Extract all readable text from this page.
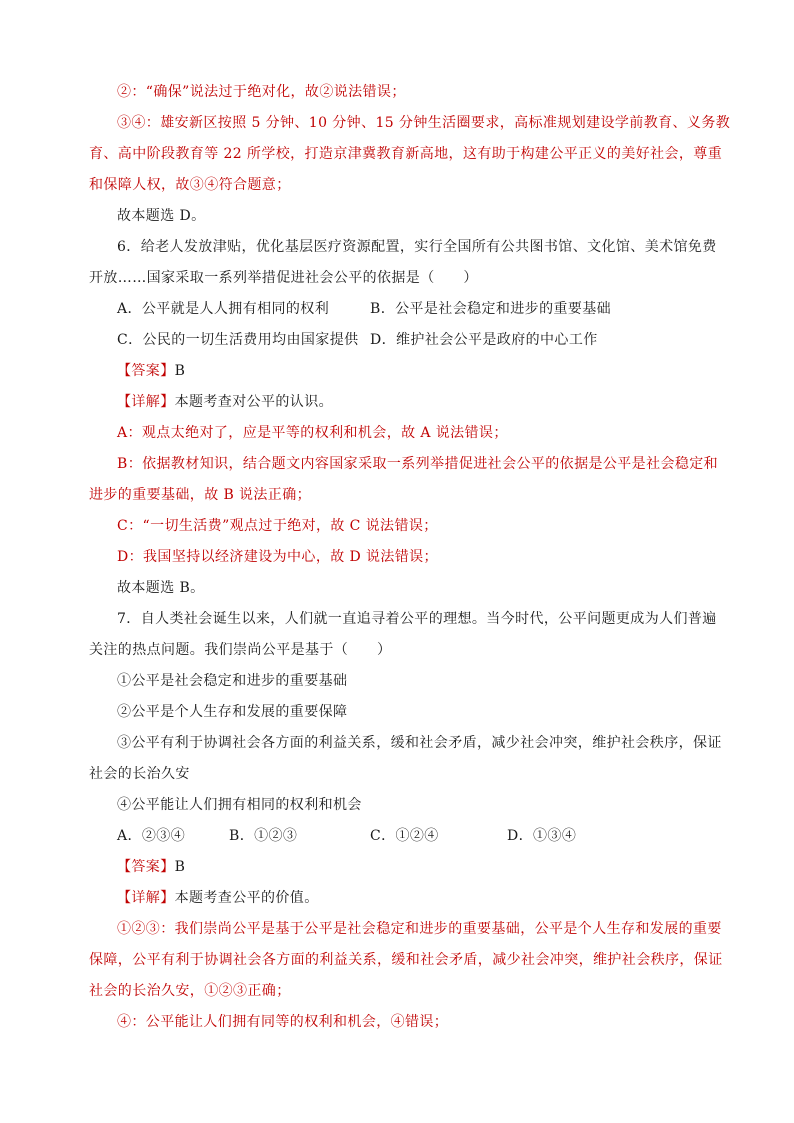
②：“确保”说法过于绝对化，故②说法错误；
③④：雄安新区按照 5 分钟、10 分钟、15 分钟生活圈要求，高标准规划建设学前教育、义务教
育、高中阶段教育等 22 所学校，打造京津冀教育新高地，这有助于构建公平正义的美好社会，尊重
和保障人权，故③④符合题意；
故本题选 D。
6．给老人发放津贴，优化基层医疗资源配置，实行全国所有公共图书馆、文化馆、美术馆免费
开放……国家采取一系列举措促进社会公平的依据是（　　）
A．公平就是人人拥有相同的权利	B．公平是社会稳定和进步的重要基础
C．公民的一切生活费用均由国家提供 D．维护社会公平是政府的中心工作
【答案】B
【详解】本题考查对公平的认识。
A：观点太绝对了，应是平等的权利和机会，故 A 说法错误；
B：依据教材知识，结合题文内容国家采取一系列举措促进社会公平的依据是公平是社会稳定和
进步的重要基础，故 B 说法正确；
C：“一切生活费”观点过于绝对，故 C 说法错误；
D：我国坚持以经济建设为中心，故 D 说法错误；
故本题选 B。
7．自人类社会诞生以来，人们就一直追寻着公平的理想。当今时代，公平问题更成为人们普遍
关注的热点问题。我们崇尚公平是基于（　　）
①公平是社会稳定和进步的重要基础
②公平是个人生存和发展的重要保障
③公平有利于协调社会各方面的利益关系，缓和社会矛盾，减少社会冲突，维护社会秩序，保证
社会的长治久安
④公平能让人们拥有相同的权利和机会
A．②③④	B．①②③	C．①②④	D．①③④
【答案】B
【详解】本题考查公平的价值。
①②③：我们崇尚公平是基于公平是社会稳定和进步的重要基础，公平是个人生存和发展的重要
保障，公平有利于协调社会各方面的利益关系，缓和社会矛盾，减少社会冲突，维护社会秩序，保证
社会的长治久安，①②③正确；
④：公平能让人们拥有同等的权利和机会，④错误；
